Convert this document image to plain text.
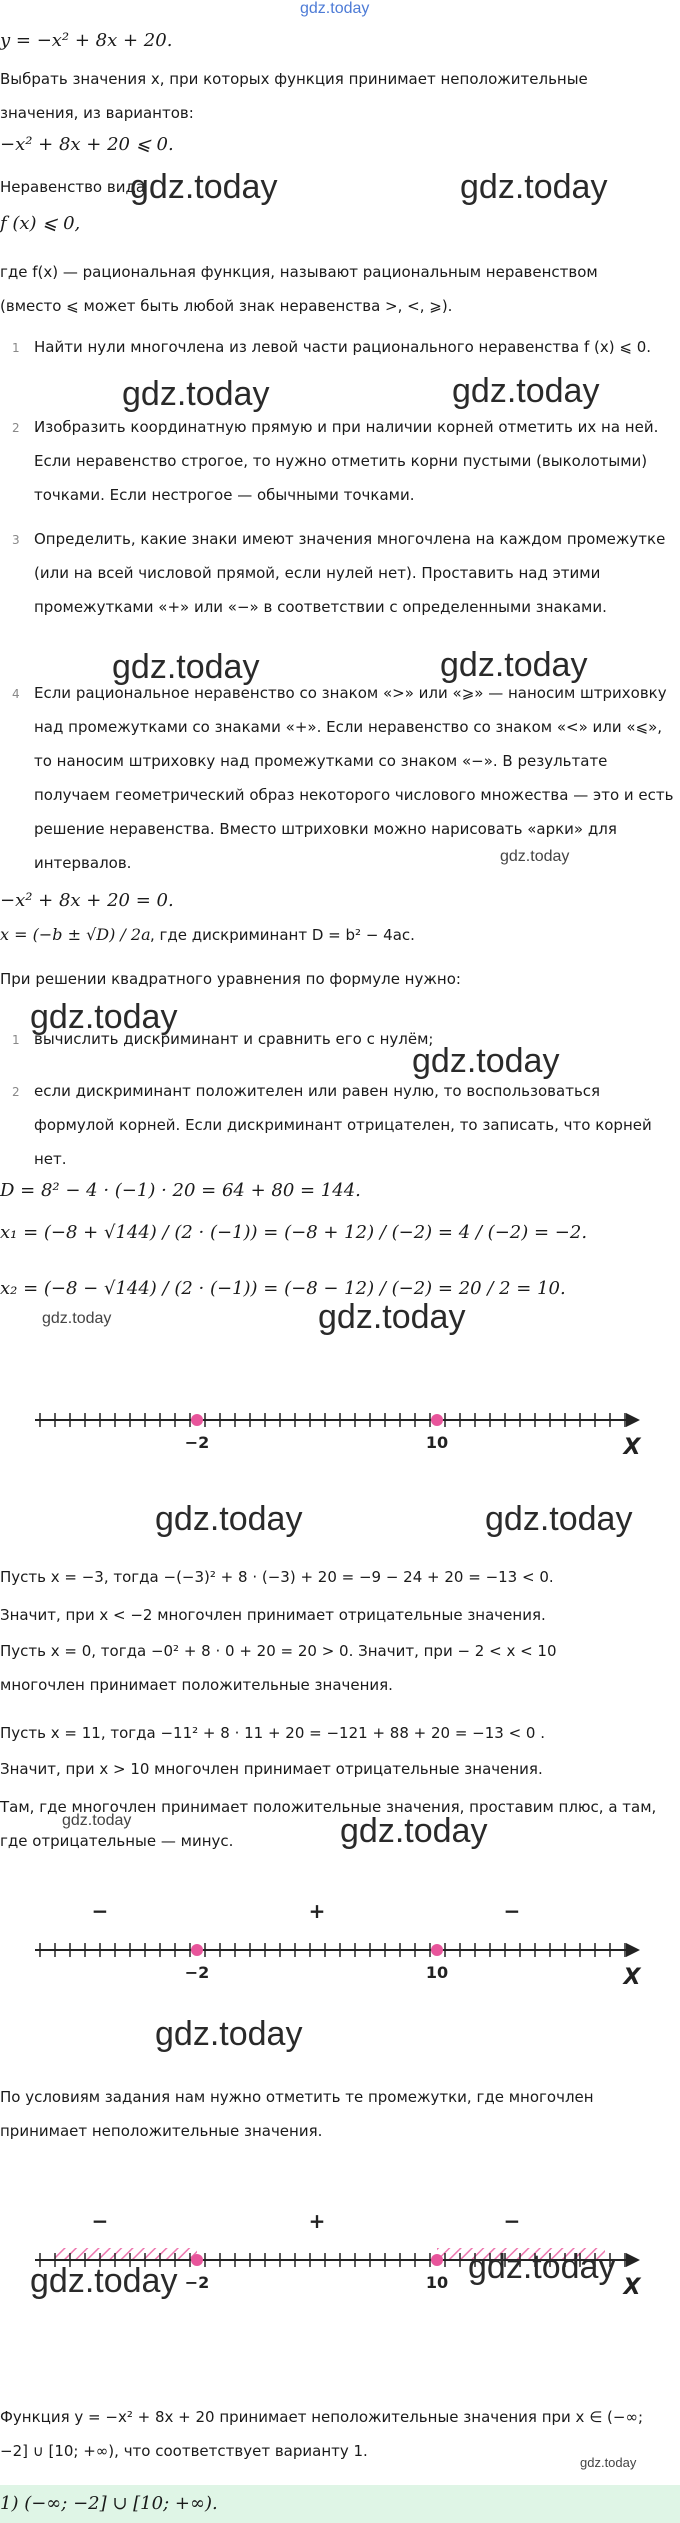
gdz.today
y = −x² + 8x + 20.
Выбрать значения x, при которых функция принимает неположительные значения, из вариантов:
−x² + 8x + 20 ⩽ 0.
Неравенство вида
gdz.today	gdz.today
f (x) ⩽ 0,
где f(x) — рациональная функция, называют рациональным неравенством (вместо ⩽ может быть любой знак неравенства >, <, ⩾).
1 Найти нули многочлена из левой части рационального неравенства f (x) ⩽ 0.
gdz.today	gdz.today
2 Изобразить координатную прямую и при наличии корней отметить их на ней. Если неравенство строгое, то нужно отметить корни пустыми (выколотыми) точками. Если нестрогое — обычными точками.
3 Определить, какие знаки имеют значения многочлена на каждом промежутке (или на всей числовой прямой, если нулей нет). Проставить над этими промежутками «+» или «−» в соответствии с определенными знаками.
gdz.today	gdz.today
4 Если рациональное неравенство со знаком «>» или «⩾» — наносим штриховку над промежутками со знаками «+». Если неравенство со знаком «<» или «⩽», то наносим штриховку над промежутками со знаком «−». В результате получаем геометрический образ некоторого числового множества — это и есть решение неравенства. Вместо штриховки можно нарисовать «арки» для интервалов.	gdz.today
−x² + 8x + 20 = 0.
x = (−b ± √D) / 2a , где дискриминант D = b² − 4ac.
При решении квадратного уравнения по формуле нужно:
gdz.today
1 вычислить дискриминант и сравнить его с нулём;
gdz.today
2 если дискриминант положителен или равен нулю, то воспользоваться формулой корней. Если дискриминант отрицателен, то записать, что корней нет.
D = 8² − 4 · (−1) · 20 = 64 + 80 = 144.
x₁ = (−8 + √144) / (2 · (−1)) = (−8 + 12) / (−2) = 4 / (−2) = −2.
x₂ = (−8 − √144) / (2 · (−1)) = (−8 − 12) / (−2) = 20 / 2 = 10.
gdz.today	gdz.today
−2	10	X
gdz.today	gdz.today
Пусть x = −3, тогда −(−3)² + 8 · (−3) + 20 = −9 − 24 + 20 = −13 < 0.
Значит, при x < −2 многочлен принимает отрицательные значения.
Пусть x = 0, тогда −0² + 8 · 0 + 20 = 20 > 0. Значит, при − 2 < x < 10
многочлен принимает положительные значения.
Пусть x = 11, тогда −11² + 8 · 11 + 20 = −121 + 88 + 20 = −13 < 0 .
Значит, при x > 10 многочлен принимает отрицательные значения.
Там, где многочлен принимает положительные значения, проставим плюс, а там, где отрицательные — минус.
gdz.today	gdz.today
−2	10	X
−	+	−
gdz.today
По условиям задания нам нужно отметить те промежутки, где многочлен принимает неположительные значения.
−2	10	X
−	+	−
gdz.today	gdz.today
Функция y = −x² + 8x + 20 принимает неположительные значения при x ∈ (−∞; −2] ∪ [10; +∞), что соответствует варианту 1.
gdz.today
1) (−∞; −2] ∪ [10; +∞).
